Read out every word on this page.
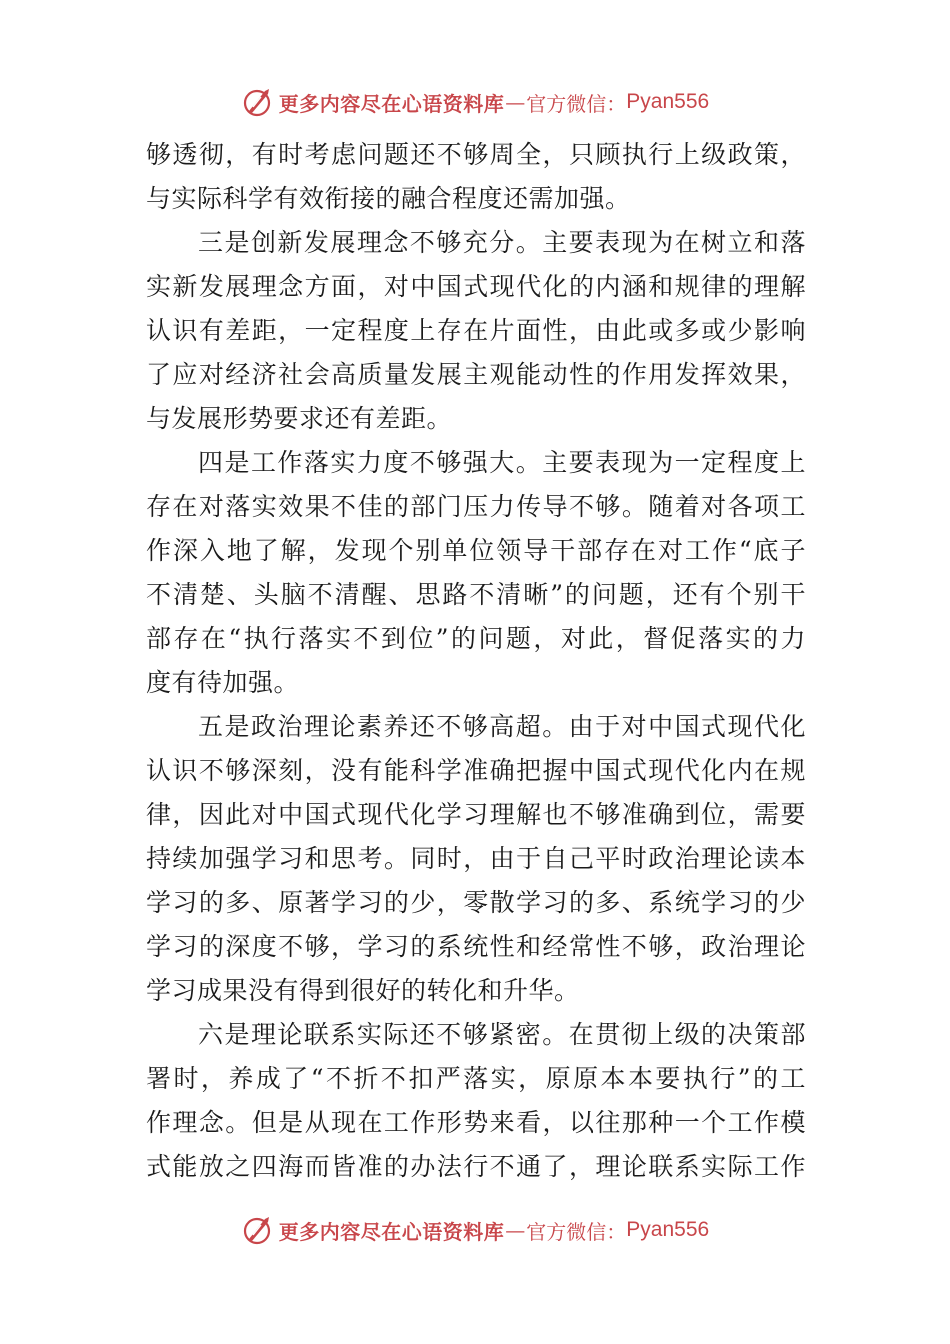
更多内容尽在心语资料库 — 官方微信： Pyan556
够透彻，有时考虑问题还不够周全，只顾执行上级政策，
与实际科学有效衔接的融合程度还需加强。
三是创新发展理念不够充分。主要表现为在树立和落
实新发展理念方面，对中国式现代化的内涵和规律的理解
认识有差距，一定程度上存在片面性，由此或多或少影响
了应对经济社会高质量发展主观能动性的作用发挥效果，
与发展形势要求还有差距。
四是工作落实力度不够强大。主要表现为一定程度上
存在对落实效果不佳的部门压力传导不够。随着对各项工
作深入地了解，发现个别单位领导干部存在对工作“底子
不清楚、头脑不清醒、思路不清晰”的问题，还有个别干
部存在“执行落实不到位”的问题，对此，督促落实的力
度有待加强。
五是政治理论素养还不够高超。由于对中国式现代化
认识不够深刻，没有能科学准确把握中国式现代化内在规
律，因此对中国式现代化学习理解也不够准确到位，需要
持续加强学习和思考。同时，由于自己平时政治理论读本
学习的多、原著学习的少，零散学习的多、系统学习的少
学习的深度不够，学习的系统性和经常性不够，政治理论
学习成果没有得到很好的转化和升华。
六是理论联系实际还不够紧密。在贯彻上级的决策部
署时，养成了“不折不扣严落实，原原本本要执行”的工
作理念。但是从现在工作形势来看，以往那种一个工作模
式能放之四海而皆准的办法行不通了，理论联系实际工作
更多内容尽在心语资料库 — 官方微信： Pyan556
